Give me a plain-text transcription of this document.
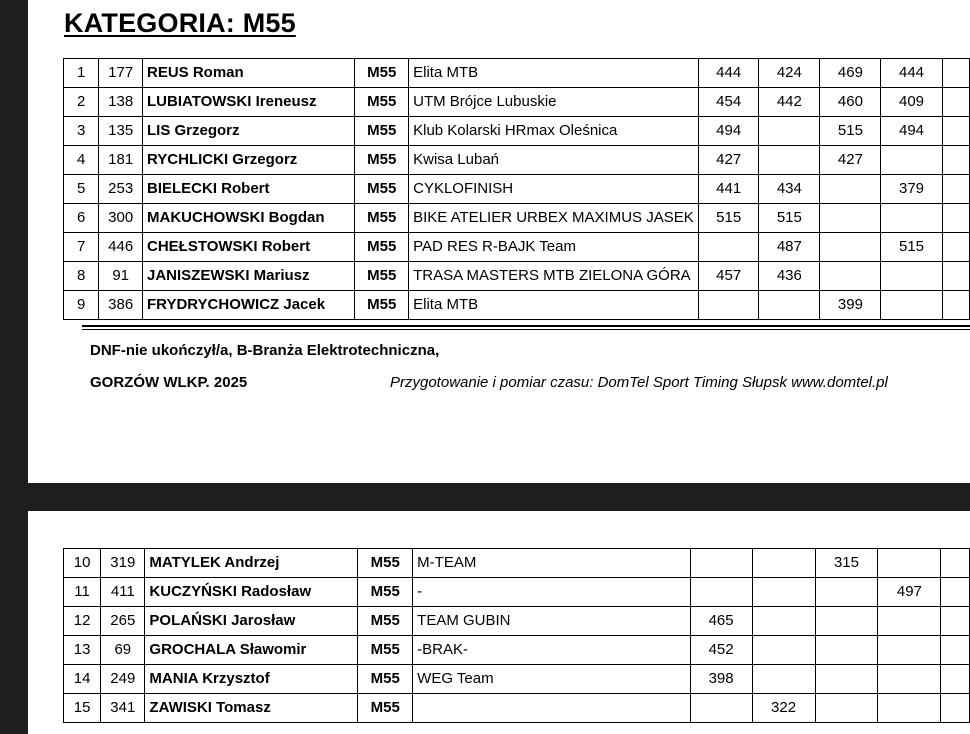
KATEGORIA: M55
1	177	REUS Roman	M55	Elita MTB	444	424	469	444	
2	138	LUBIATOWSKI Ireneusz	M55	UTM Brójce Lubuskie	454	442	460	409	
3	135	LIS Grzegorz	M55	Klub Kolarski HRmax Oleśnica	494		515	494	
4	181	RYCHLICKI Grzegorz	M55	Kwisa Lubań	427		427		
5	253	BIELECKI Robert	M55	CYKLOFINISH	441	434		379	
6	300	MAKUCHOWSKI Bogdan	M55	BIKE ATELIER URBEX MAXIMUS JASEK	515	515			
7	446	CHEŁSTOWSKI Robert	M55	PAD RES R-BAJK Team		487		515	
8	91	JANISZEWSKI Mariusz	M55	TRASA MASTERS MTB ZIELONA GÓRA	457	436			
9	386	FRYDRYCHOWICZ Jacek	M55	Elita MTB			399		
DNF-nie ukończył/a, B-Branża Elektrotechniczna,
GORZÓW WLKP. 2025	Przygotowanie i pomiar czasu: DomTel Sport Timing Słupsk www.domtel.pl
10	319	MATYLEK Andrzej	M55	M-TEAM			315		
11	411	KUCZYŃSKI Radosław	M55	-				497	
12	265	POLAŃSKI Jarosław	M55	TEAM GUBIN	465				
13	69	GROCHALA Sławomir	M55	-BRAK-	452				
14	249	MANIA Krzysztof	M55	WEG Team	398				
15	341	ZAWISKI Tomasz	M55			322			
